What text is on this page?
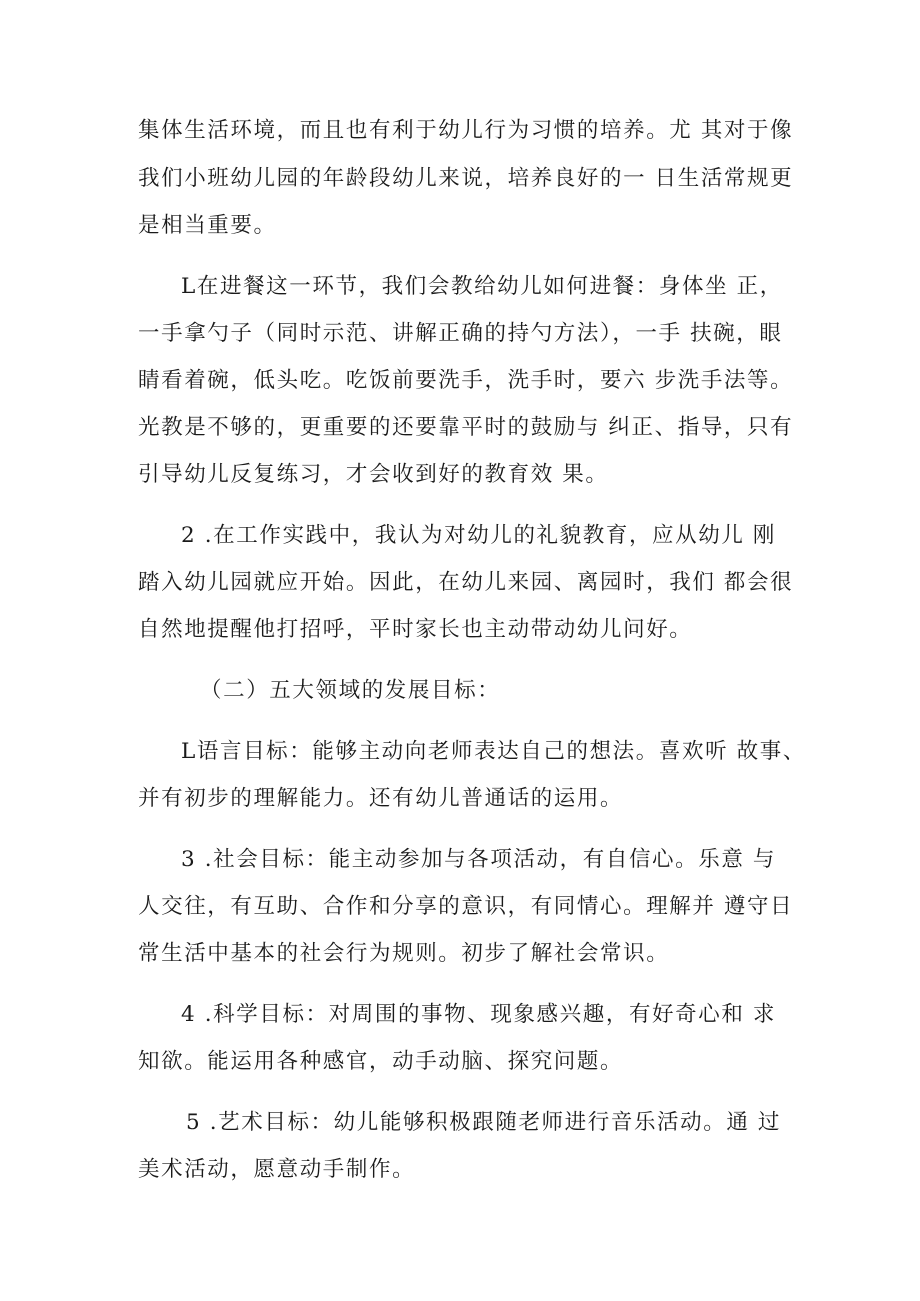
集体生活环境，而且也有利于幼儿行为习惯的培养。尤 其对于像
我们小班幼儿园的年龄段幼儿来说，培养良好的一 日生活常规更
是相当重要。
L在进餐这一环节，我们会教给幼儿如何进餐：身体坐 正，
一手拿勺子（同时示范、讲解正确的持勺方法），一手 扶碗，眼
睛看着碗，低头吃。吃饭前要洗手，洗手时，要六 步洗手法等。
光教是不够的，更重要的还要靠平时的鼓励与 纠正、指导，只有
引导幼儿反复练习，才会收到好的教育效 果。
2 .在工作实践中，我认为对幼儿的礼貌教育，应从幼儿 刚
踏入幼儿园就应开始。因此，在幼儿来园、离园时，我们 都会很
自然地提醒他打招呼，平时家长也主动带动幼儿问好。
（二）五大领域的发展目标：
L语言目标：能够主动向老师表达自己的想法。喜欢听 故事、
并有初步的理解能力。还有幼儿普通话的运用。
3 .社会目标：能主动参加与各项活动，有自信心。乐意 与
人交往，有互助、合作和分享的意识，有同情心。理解并 遵守日
常生活中基本的社会行为规则。初步了解社会常识。
4 .科学目标：对周围的事物、现象感兴趣，有好奇心和 求
知欲。能运用各种感官，动手动脑、探究问题。
5 .艺术目标：幼儿能够积极跟随老师进行音乐活动。通 过
美术活动，愿意动手制作。
